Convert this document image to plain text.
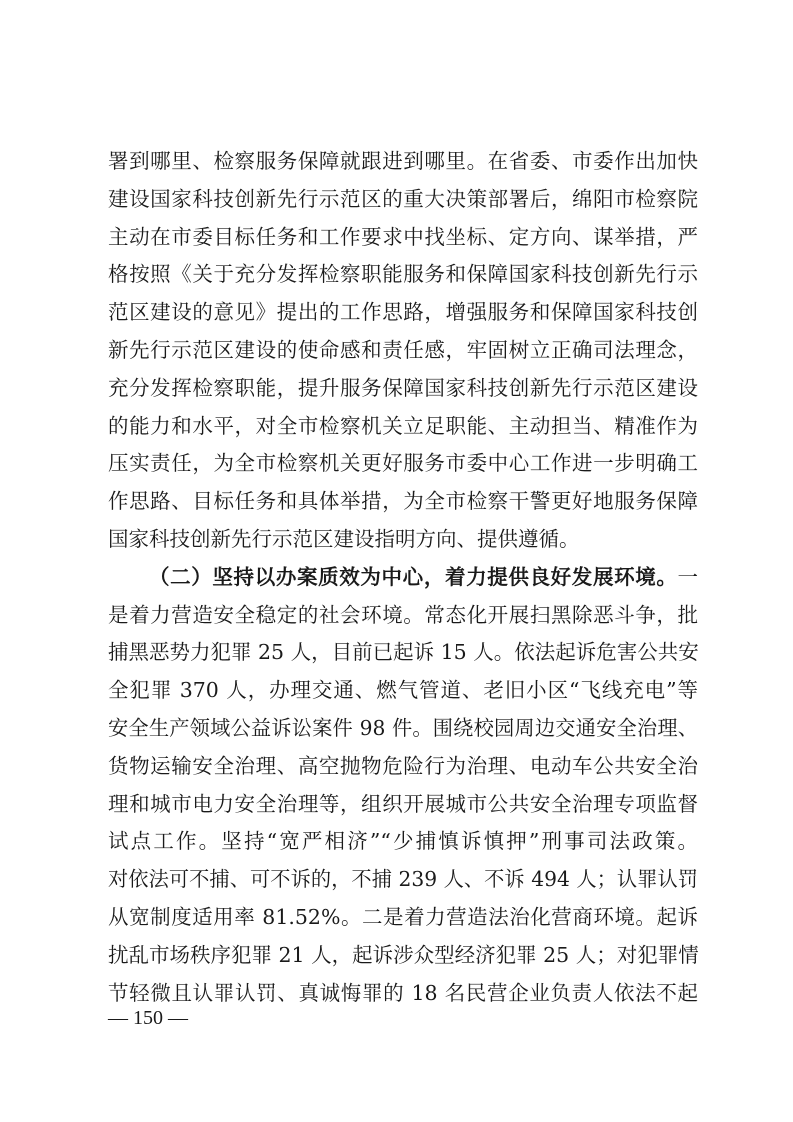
署到哪里、检察服务保障就跟进到哪里。在省委、市委作出加快
建设国家科技创新先行示范区的重大决策部署后，绵阳市检察院
主动在市委目标任务和工作要求中找坐标、定方向、谋举措，严
格按照《关于充分发挥检察职能服务和保障国家科技创新先行示
范区建设的意见》提出的工作思路，增强服务和保障国家科技创
新先行示范区建设的使命感和责任感，牢固树立正确司法理念，
充分发挥检察职能，提升服务保障国家科技创新先行示范区建设
的能力和水平，对全市检察机关立足职能、主动担当、精准作为
压实责任，为全市检察机关更好服务市委中心工作进一步明确工
作思路、目标任务和具体举措，为全市检察干警更好地服务保障
国家科技创新先行示范区建设指明方向、提供遵循。
（二）坚持以办案质效为中心，着力提供良好发展环境。一
是着力营造安全稳定的社会环境。常态化开展扫黑除恶斗争，批
捕黑恶势力犯罪 25 人，目前已起诉 15 人。依法起诉危害公共安
全犯罪 370 人，办理交通、燃气管道、老旧小区“飞线充电”等
安全生产领域公益诉讼案件 98 件。围绕校园周边交通安全治理、
货物运输安全治理、高空抛物危险行为治理、电动车公共安全治
理和城市电力安全治理等，组织开展城市公共安全治理专项监督
试点工作。坚持“宽严相济”“少捕慎诉慎押”刑事司法政策。
对依法可不捕、可不诉的，不捕 239 人、不诉 494 人；认罪认罚
从宽制度适用率 81.52%。二是着力营造法治化营商环境。起诉
扰乱市场秩序犯罪 21 人，起诉涉众型经济犯罪 25 人；对犯罪情
节轻微且认罪认罚、真诚悔罪的 18 名民营企业负责人依法不起
— 150 —
